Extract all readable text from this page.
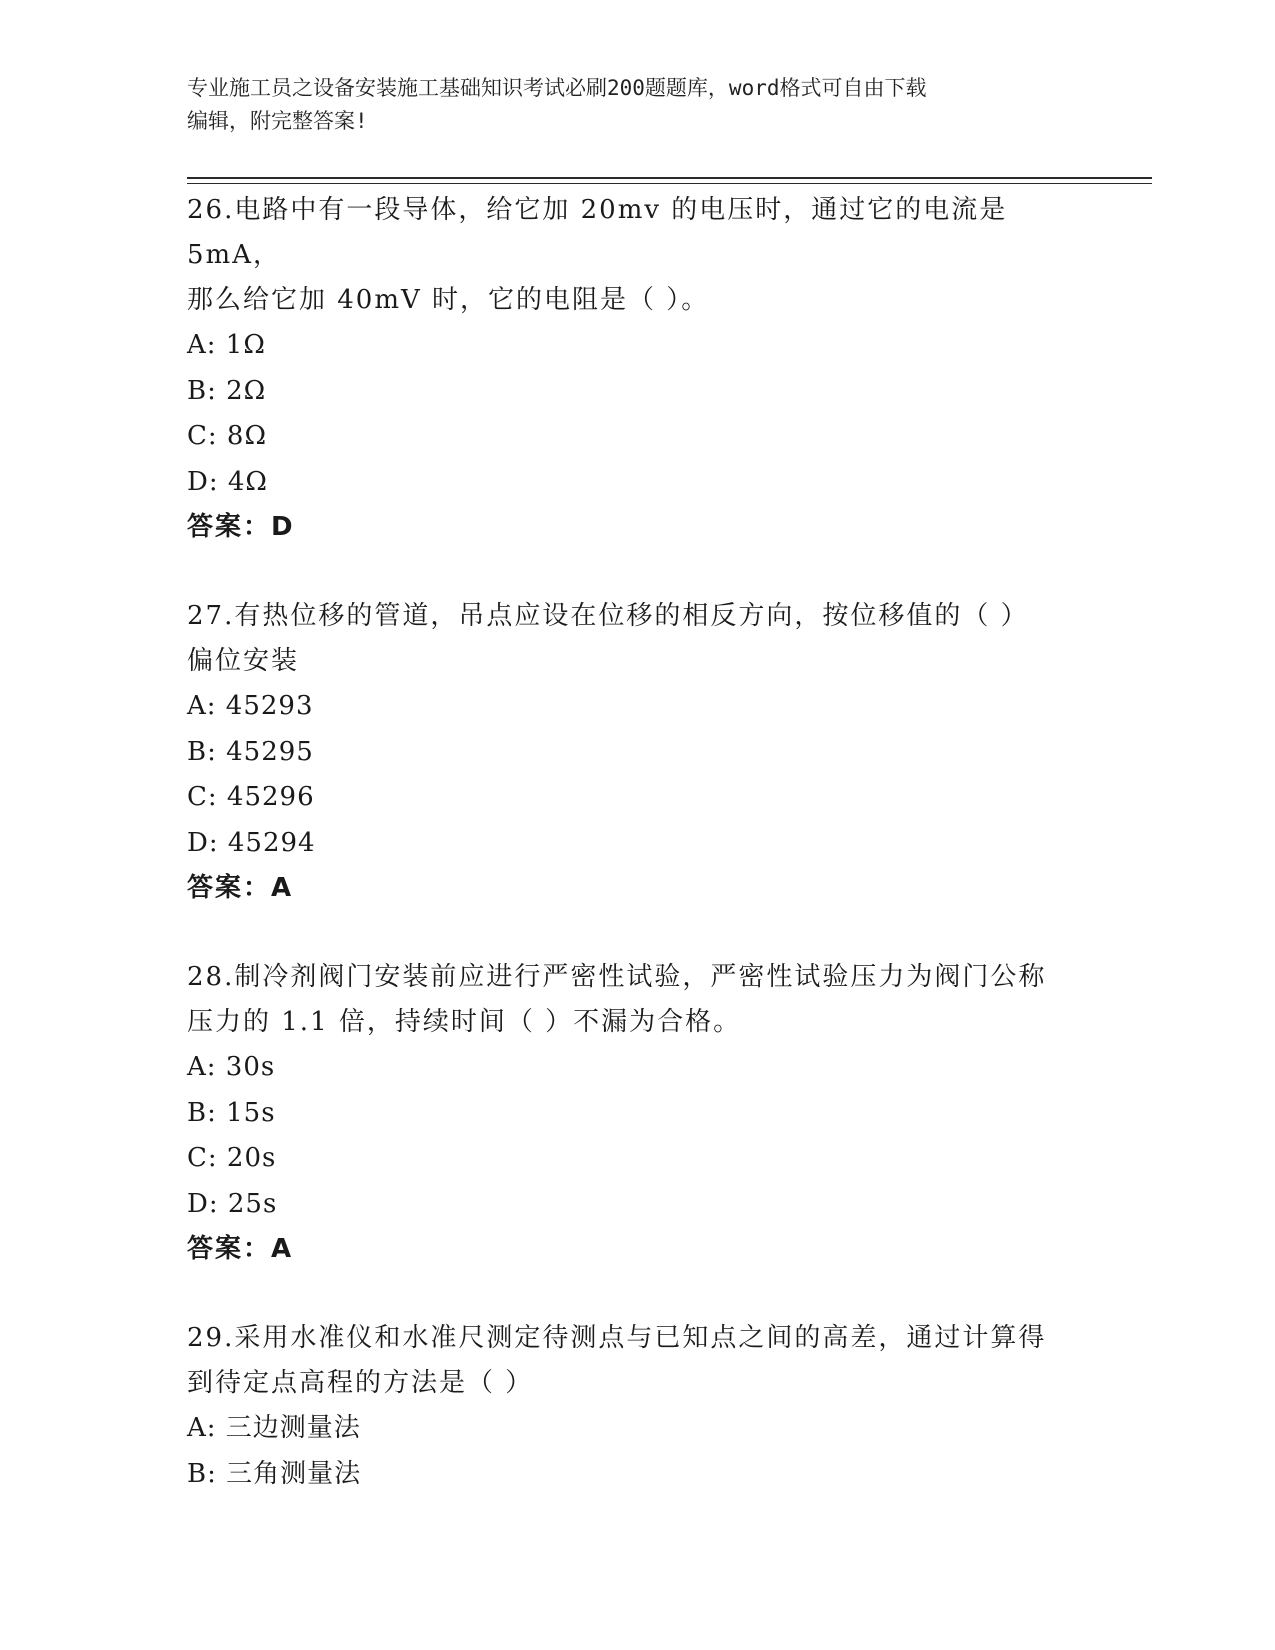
专业施工员之设备安装施工基础知识考试必刷200题题库，word格式可自由下载
编辑，附完整答案!
26.电路中有一段导体，给它加 20mv 的电压时，通过它的电流是 5mA，
那么给它加 40mV 时，它的电阻是（ ）。
A: 1Ω
B: 2Ω
C: 8Ω
D: 4Ω
答案：D
27.有热位移的管道，吊点应设在位移的相反方向，按位移值的（ ）
偏位安装
A: 45293
B: 45295
C: 45296
D: 45294
答案：A
28.制冷剂阀门安装前应进行严密性试验，严密性试验压力为阀门公称
压力的 1.1 倍，持续时间（ ）不漏为合格。
A: 30s
B: 15s
C: 20s
D: 25s
答案：A
29.采用水准仪和水准尺测定待测点与已知点之间的高差，通过计算得
到待定点高程的方法是（ ）
A: 三边测量法
B: 三角测量法
